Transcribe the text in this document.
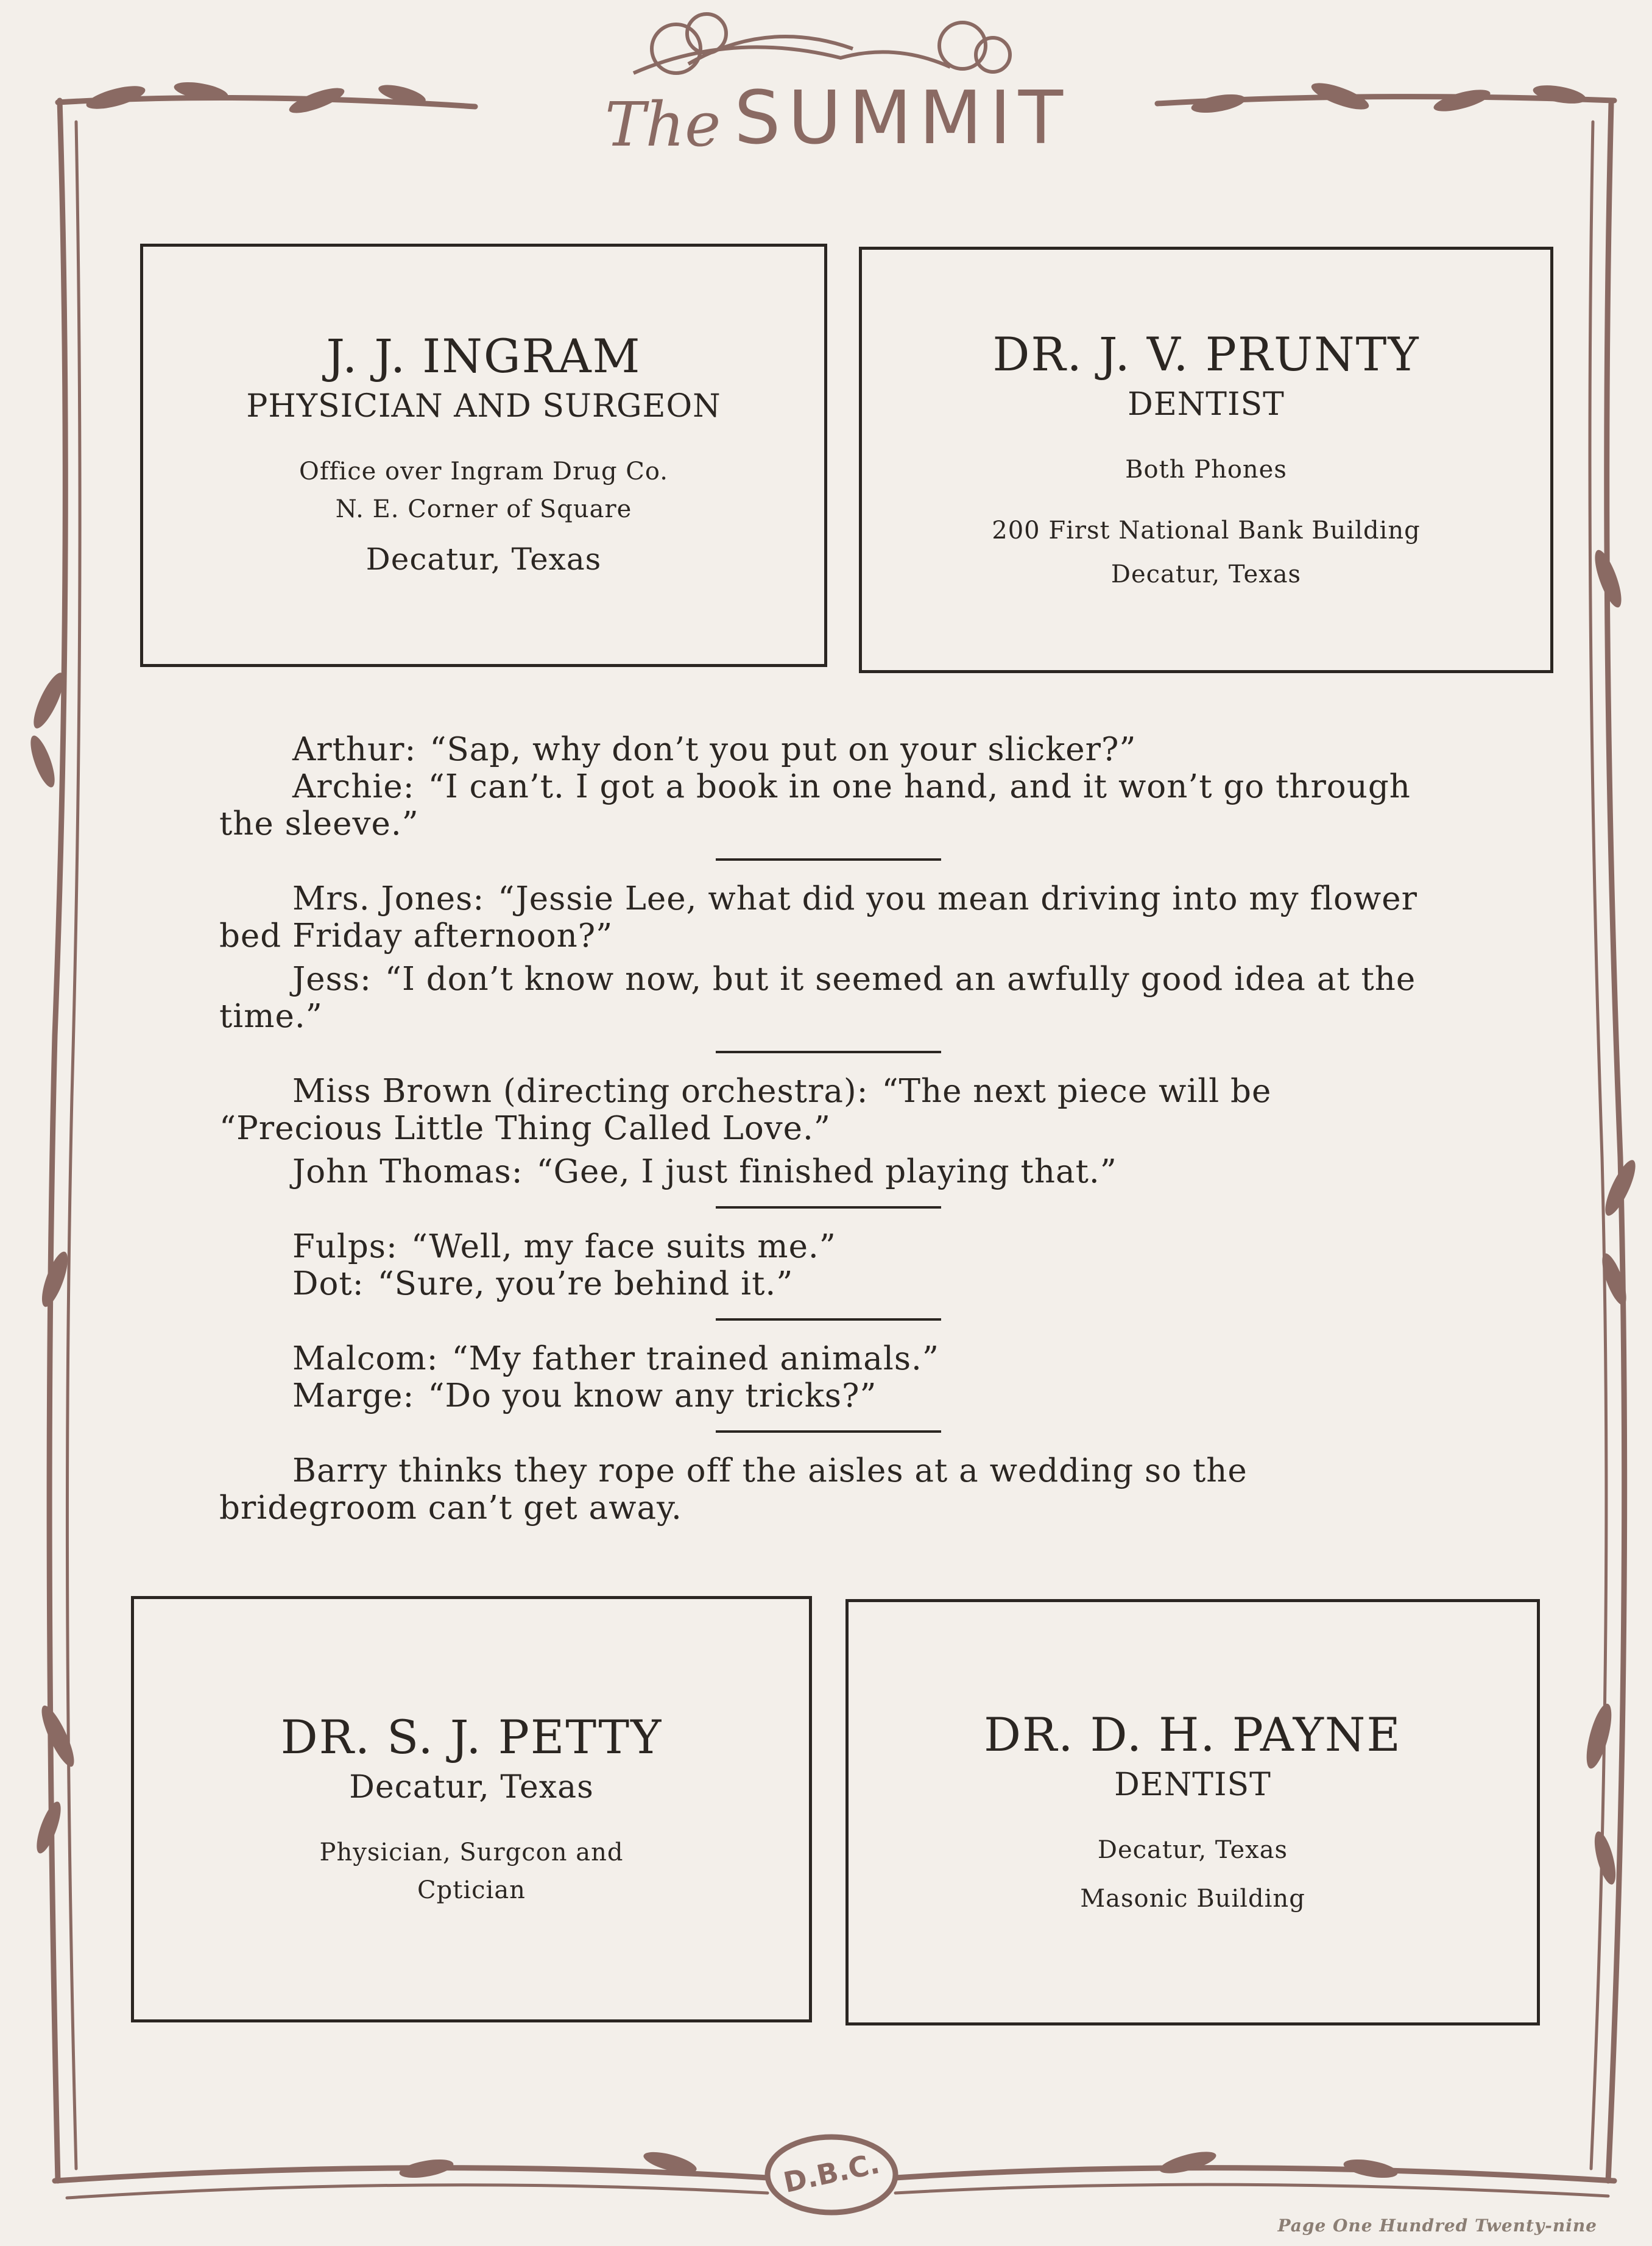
The SUMMIT
J. J. INGRAM
PHYSICIAN AND SURGEON
Office over Ingram Drug Co.
N. E. Corner of Square
Decatur, Texas
DR. J. V. PRUNTY
DENTIST
Both Phones
200 First National Bank Building
Decatur, Texas

Arthur: “Sap, why don’t you put on your slicker?”

Archie: “I can’t. I got a book in one hand, and it won’t go through the sleeve.”

Mrs. Jones: “Jessie Lee, what did you mean driving into my flower bed Friday afternoon?”

Jess: “I don’t know now, but it seemed an awfully good idea at the time.”

Miss Brown (directing orchestra): “The next piece will be “Precious Little Thing Called Love.”

John Thomas: “Gee, I just finished playing that.”

Fulps: “Well, my face suits me.”

Dot: “Sure, you’re behind it.”

Malcom: “My father trained animals.”

Marge: “Do you know any tricks?”

Barry thinks they rope off the aisles at a wedding so the bridegroom can’t get away.

DR. S. J. PETTY
Decatur, Texas
Physician, Surgcon and
Cptician
DR. D. H. PAYNE
DENTIST
Decatur, Texas
Masonic Building
D.B.C.
Page One Hundred Twenty-nine
